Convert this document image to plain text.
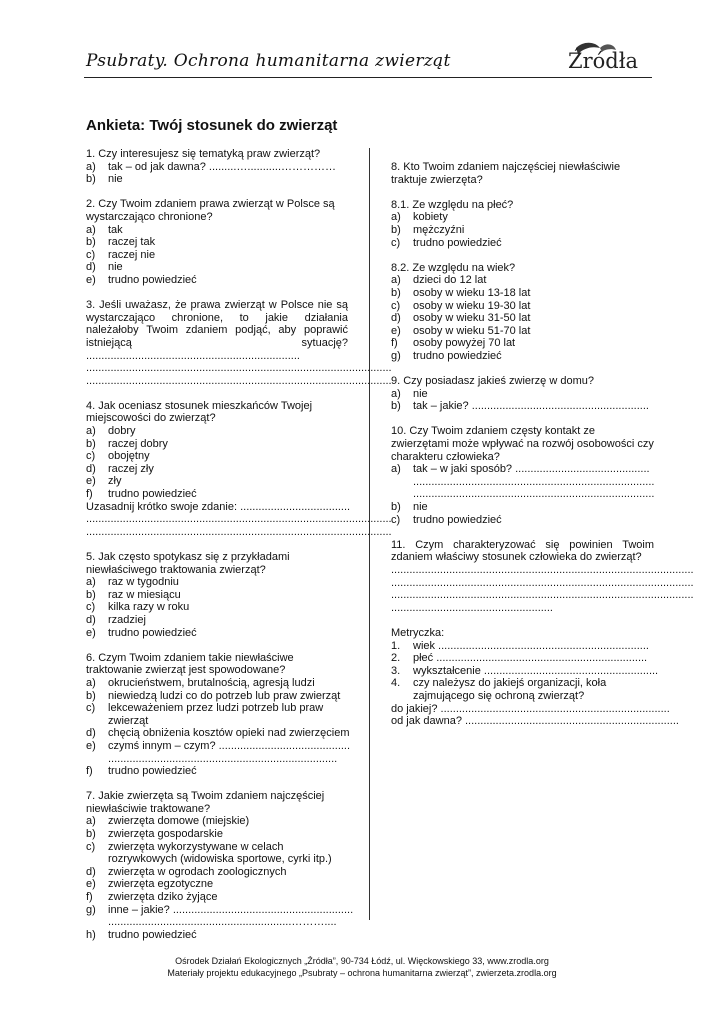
Psubraty. Ochrona humanitarna zwierząt	Źródła
Ankieta: Twój stosunek do zwierząt

1. Czy interesujesz się tematyką praw zwierząt?

a)	tak – od jak dawna? .........…...........……………
b)	nie

2. Czy Twoim zdaniem prawa zwierząt w Polsce są wystarczająco chronione?

a)	tak
b)	raczej tak
c)	raczej nie
d)	nie
e)	trudno powiedzieć

3. Jeśli uważasz, że prawa zwierząt w Polsce nie są wystarczająco chronione, to jakie działania należałoby Twoim zdaniem podjąć, aby poprawić istniejącą sytuację? ......................................................................

....................................................................................................

....................................................................................................

4. Jak oceniasz stosunek mieszkańców Twojej miejscowości do zwierząt?

a)	dobry
b)	raczej dobry
c)	obojętny
d)	raczej zły
e)	zły
f)	trudno powiedzieć

Uzasadnij krótko swoje zdanie: ....................................

....................................................................................................

....................................................................................................

5. Jak często spotykasz się z przykładami niewłaściwego traktowania zwierząt?

a)	raz w tygodniu
b)	raz w miesiącu
c)	kilka razy w roku
d)	rzadziej
e)	trudno powiedzieć

6. Czym Twoim zdaniem takie niewłaściwe traktowanie zwierząt jest spowodowane?

a)	okrucieństwem, brutalnością, agresją ludzi
b)	niewiedzą ludzi co do potrzeb lub praw zwierząt
c)	lekceważeniem przez ludzi potrzeb lub praw zwierząt
d)	chęcią obniżenia kosztów opieki nad zwierzęciem
e)	czymś innym – czym? ...........................................
...........................................................................
f)	trudno powiedzieć

7. Jakie zwierzęta są Twoim zdaniem najczęściej niewłaściwie traktowane?

a)	zwierzęta domowe (miejskie)
b)	zwierzęta gospodarskie
c)	zwierzęta wykorzystywane w celach rozrywkowych (widowiska sportowe, cyrki itp.)
d)	zwierzęta w ogrodach zoologicznych
e)	zwierzęta egzotyczne
f)	zwierzęta dziko żyjące
g)	inne – jakie? ...........................................................
............................................................………....
h)	trudno powiedzieć

8. Kto Twoim zdaniem najczęściej niewłaściwie traktuje zwierzęta?

8.1. Ze względu na płeć?

a)	kobiety
b)	mężczyźni
c)	trudno powiedzieć

8.2. Ze względu na wiek?

a)	dzieci do 12 lat
b)	osoby w wieku 13-18 lat
c)	osoby w wieku 19-30 lat
d)	osoby w wieku 31-50 lat
e)	osoby w wieku 51-70 lat
f)	osoby powyżej 70 lat
g)	trudno powiedzieć

9. Czy posiadasz jakieś zwierzę w domu?

a)	nie
b)	tak – jakie? ..........................................................

10. Czy Twoim zdaniem częsty kontakt ze zwierzętami może wpływać na rozwój osobowości czy charakteru człowieka?

a)	tak – w jaki sposób? ............................................
...............................................................................
...............................................................................
b)	nie
c)	trudno powiedzieć

11. Czym charakteryzować się powinien Twoim zdaniem właściwy stosunek człowieka do zwierząt?

...................................................................................................

...................................................................................................

...................................................................................................

.....................................................

Metryczka:

1.	wiek .....................................................................
2.	płeć .....................................................................
3.	wykształcenie .........................................................
4.	czy należysz do jakiejś organizacji, koła zajmującego się ochroną zwierząt?

do jakiej? ...........................................................................

od jak dawna? ......................................................................

Ośrodek Działań Ekologicznych „Źródła”, 90-734 Łódź, ul. Więckowskiego 33, www.zrodla.org
Materiały projektu edukacyjnego „Psubraty – ochrona humanitarna zwierząt”, zwierzeta.zrodla.org
